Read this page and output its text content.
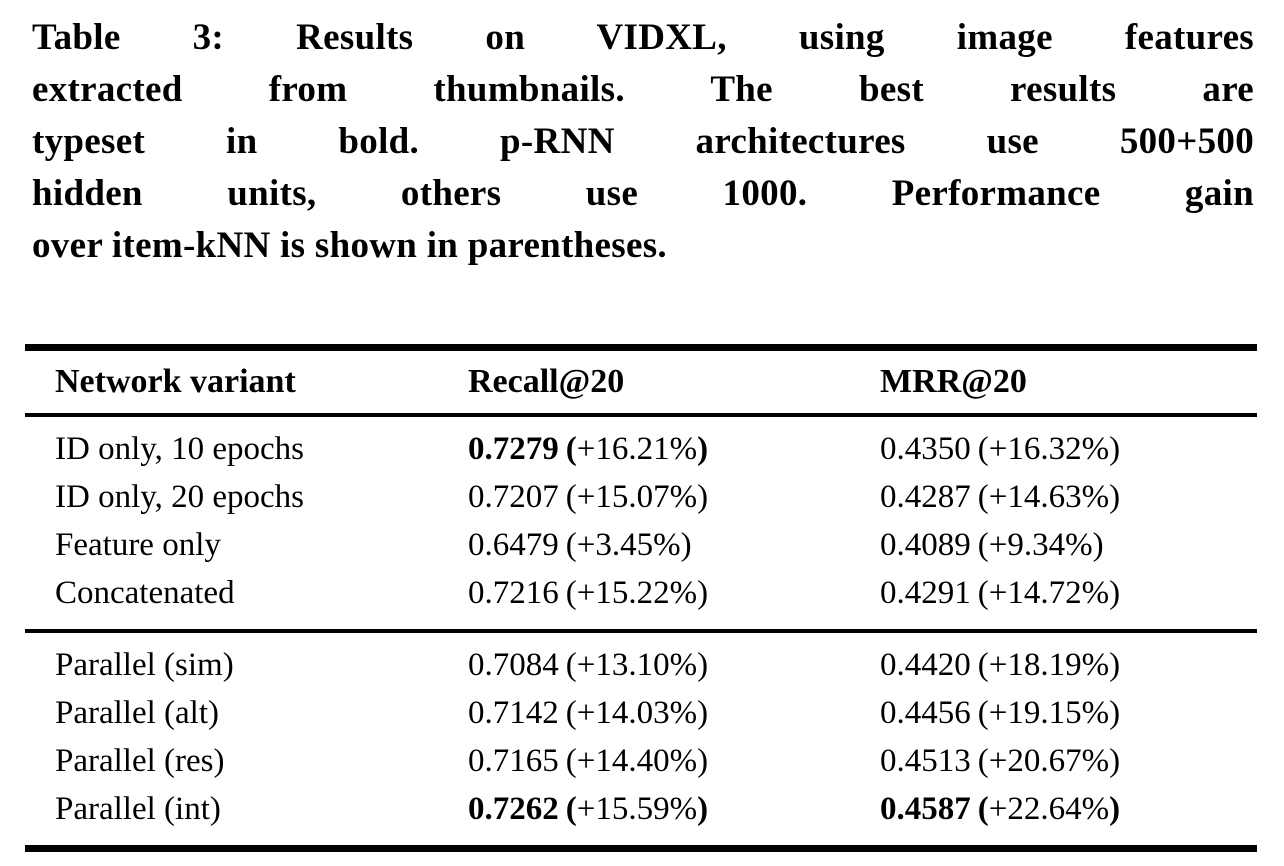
Table 3: Results on VIDXL, using image features
extracted from thumbnails. The best results are
typeset in bold. p-RNN architectures use 500+500
hidden units, others use 1000. Performance gain
over item-kNN is shown in parentheses.
Network variant	Recall@20	MRR@20
ID only, 10 epochs	0.7279 (+16.21%)	0.4350 (+16.32%)
ID only, 20 epochs	0.7207 (+15.07%)	0.4287 (+14.63%)
Feature only	0.6479 (+3.45%)	0.4089 (+9.34%)
Concatenated	0.7216 (+15.22%)	0.4291 (+14.72%)
Parallel (sim)	0.7084 (+13.10%)	0.4420 (+18.19%)
Parallel (alt)	0.7142 (+14.03%)	0.4456 (+19.15%)
Parallel (res)	0.7165 (+14.40%)	0.4513 (+20.67%)
Parallel (int)	0.7262 (+15.59%)	0.4587 (+22.64%)
